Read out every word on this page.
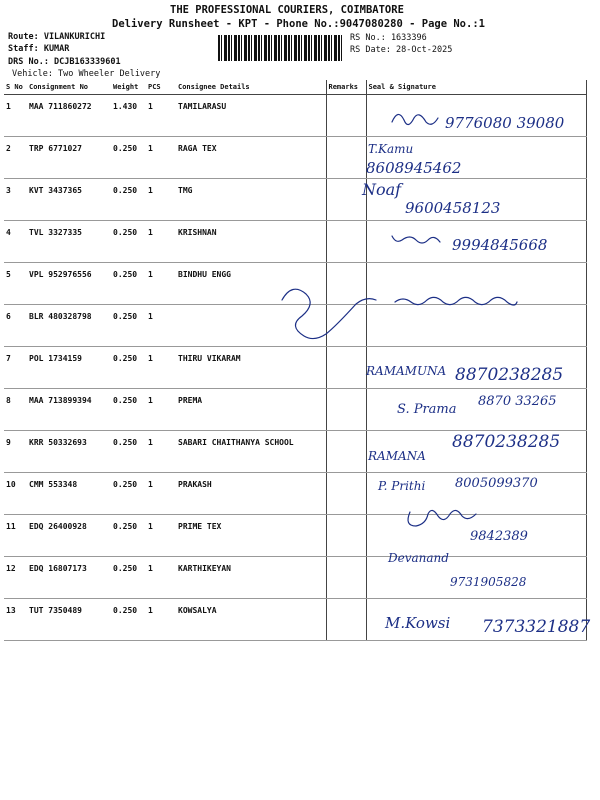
THE PROFESSIONAL COURIERS, COIMBATORE
Delivery Runsheet - KPT - Phone No.:9047080280 - Page No.:1
Route: VILANKURICHI
Staff: KUMAR
DRS No.: DCJB163339601
Vehicle: Two Wheeler Delivery
RS No.: 1633396
RS Date: 28-Oct-2025
S No	Consignment No	Weight	PCS	Consignee Details	Remarks	Seal & Signature
1	MAA 711860272	1.430	1	TAMILARASU		
2	TRP 6771027	0.250	1	RAGA TEX		
3	KVT 3437365	0.250	1	TMG		
4	TVL 3327335	0.250	1	KRISHNAN		
5	VPL 952976556	0.250	1	BINDHU ENGG		
6	BLR 480328798	0.250	1			
7	POL 1734159	0.250	1	THIRU VIKARAM		
8	MAA 713899394	0.250	1	PREMA		
9	KRR 50332693	0.250	1	SABARI CHAITHANYA SCHOOL		
10	CMM 553348	0.250	1	PRAKASH		
11	EDQ 26400928	0.250	1	PRIME TEX		
12	EDQ 16807173	0.250	1	KARTHIKEYAN		
13	TUT 7350489	0.250	1	KOWSALYA		
9776080 39080
T.Kamu
8608945462
Noaf
9600458123
9994845668
RAMAMUNA 8870238285
S. Prama
8870 33265
RAMANA
8870238285
P. Prithi 8005099370
9842389
Devanand
9731905828
M.Kowsi 7373321887
